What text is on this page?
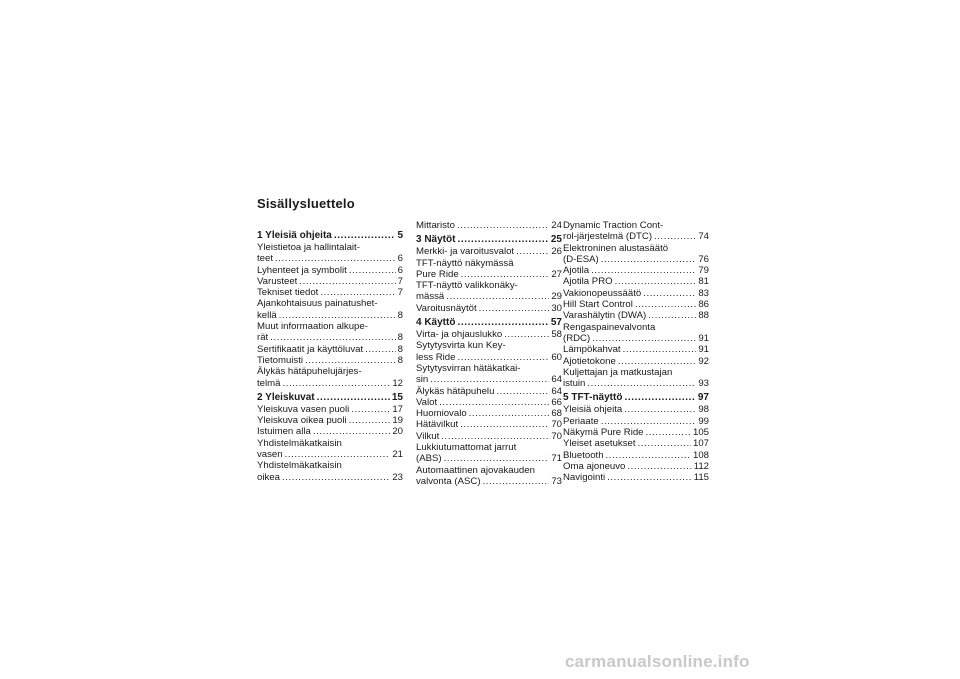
Sisällysluettelo
1 Yleisiä ohjeita .....	5
Yleistietoa ja hallintalait-
teet .....	6
Lyhenteet ja symbolit .....	6
Varusteet .....	7
Tekniset tiedot .....	7
Ajankohtaisuus painatushet-
kellä .....	8
Muut informaation alkupe-
rät .....	8
Sertifikaatit ja käyttöluvat .....	8
Tietomuisti .....	8
Älykäs hätäpuhelujärjes-
telmä .....	12
2 Yleiskuvat .....	15
Yleiskuva vasen puoli .....	17
Yleiskuva oikea puoli .....	19
Istuimen alla .....	20
Yhdistelmäkatkaisin
vasen .....	21
Yhdistelmäkatkaisin
oikea .....	23
Mittaristo .....	24
3 Näytöt .....	25
Merkki- ja varoitusvalot .....	26
TFT-näyttö näkymässä
Pure Ride .....	27
TFT-näyttö valikkonäky-
mässä .....	29
Varoitusnäytöt .....	30
4 Käyttö .....	57
Virta- ja ohjauslukko .....	58
Sytytysvirta kun Key-
less Ride .....	60
Sytytysvirran hätäkatkai-
sin .....	64
Älykäs hätäpuhelu .....	64
Valot .....	66
Huomiovalo .....	68
Hätävilkut .....	70
Vilkut .....	70
Lukkiutumattomat jarrut
(ABS) .....	71
Automaattinen ajovakauden
valvonta (ASC) .....	73
Dynamic Traction Cont-
rol-järjestelmä (DTC) .....	74
Elektroninen alustasäätö
(D-ESA) .....	76
Ajotila .....	79
Ajotila PRO .....	81
Vakionopeussäätö .....	83
Hill Start Control .....	86
Varashälytin (DWA) .....	88
Rengaspainevalvonta
(RDC) .....	91
Lämpökahvat .....	91
Ajotietokone .....	92
Kuljettajan ja matkustajan
istuin .....	93
5 TFT-näyttö .....	97
Yleisiä ohjeita .....	98
Periaate .....	99
Näkymä Pure Ride .....	105
Yleiset asetukset .....	107
Bluetooth .....	108
Oma ajoneuvo .....	112
Navigointi .....	115
carmanualsonline.info
